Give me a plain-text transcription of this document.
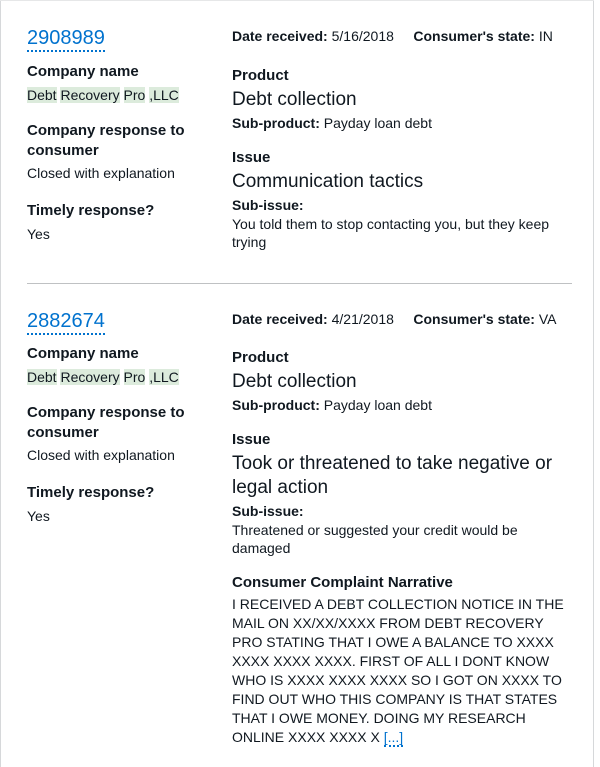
2908989	Date received: 5/16/2018 Consumer's state: IN
Company name
Debt Recovery Pro ,LLC
Company response to consumer
Closed with explanation
Timely response?
Yes
Product
Debt collection
Sub-product: Payday loan debt
Issue
Communication tactics
Sub-issue:
You told them to stop contacting you, but they keep trying
2882674	Date received: 4/21/2018 Consumer's state: VA
Company name
Debt Recovery Pro ,LLC
Company response to consumer
Closed with explanation
Timely response?
Yes
Product
Debt collection
Sub-product: Payday loan debt
Issue
Took or threatened to take negative or legal action
Sub-issue:
Threatened or suggested your credit would be damaged
Consumer Complaint Narrative
I RECEIVED A DEBT COLLECTION NOTICE IN THE MAIL ON XX/XX/XXXX FROM DEBT RECOVERY PRO STATING THAT I OWE A BALANCE TO XXXX XXXX XXXX XXXX. FIRST OF ALL I DONT KNOW WHO IS XXXX XXXX XXXX SO I GOT ON XXXX TO FIND OUT WHO THIS COMPANY IS THAT STATES THAT I OWE MONEY. DOING MY RESEARCH ONLINE XXXX XXXX X [...]
